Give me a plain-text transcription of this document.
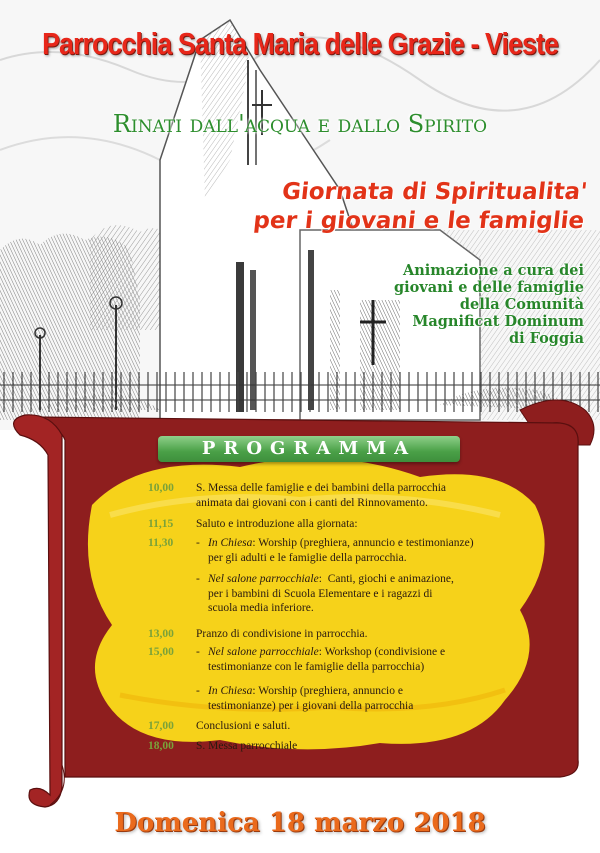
Parrocchia Santa Maria delle Grazie - Vieste
Rinati dall'acqua e dallo Spirito
Giornata di Spiritualita'
per i giovani e le famiglie
Animazione a cura dei
giovani e delle famiglie
della Comunità
Magnificat Dominum
di Foggia
PROGRAMMA
10,00	S. Messa delle famiglie e dei bambini della parrocchia
animata dai giovani con i canti del Rinnovamento.
11,15	Saluto e introduzione alla giornata:
11,30	- In Chiesa: Worship (preghiera, annuncio e testimonianze)
per gli adulti e le famiglie della parrocchia.
- Nel salone parrocchiale:  Canti, giochi e animazione,
per i bambini di Scuola Elementare e i ragazzi di
scuola media inferiore.
13,00	Pranzo di condivisione in parrocchia.
15,00	- Nel salone parrocchiale: Workshop (condivisione e
testimonianze con le famiglie della parrocchia)
- In Chiesa: Worship (preghiera, annuncio e
testimonianze) per i giovani della parrocchia
17,00	Conclusioni e saluti.
18,00	S. Messa parrocchiale
Domenica 18 marzo 2018
